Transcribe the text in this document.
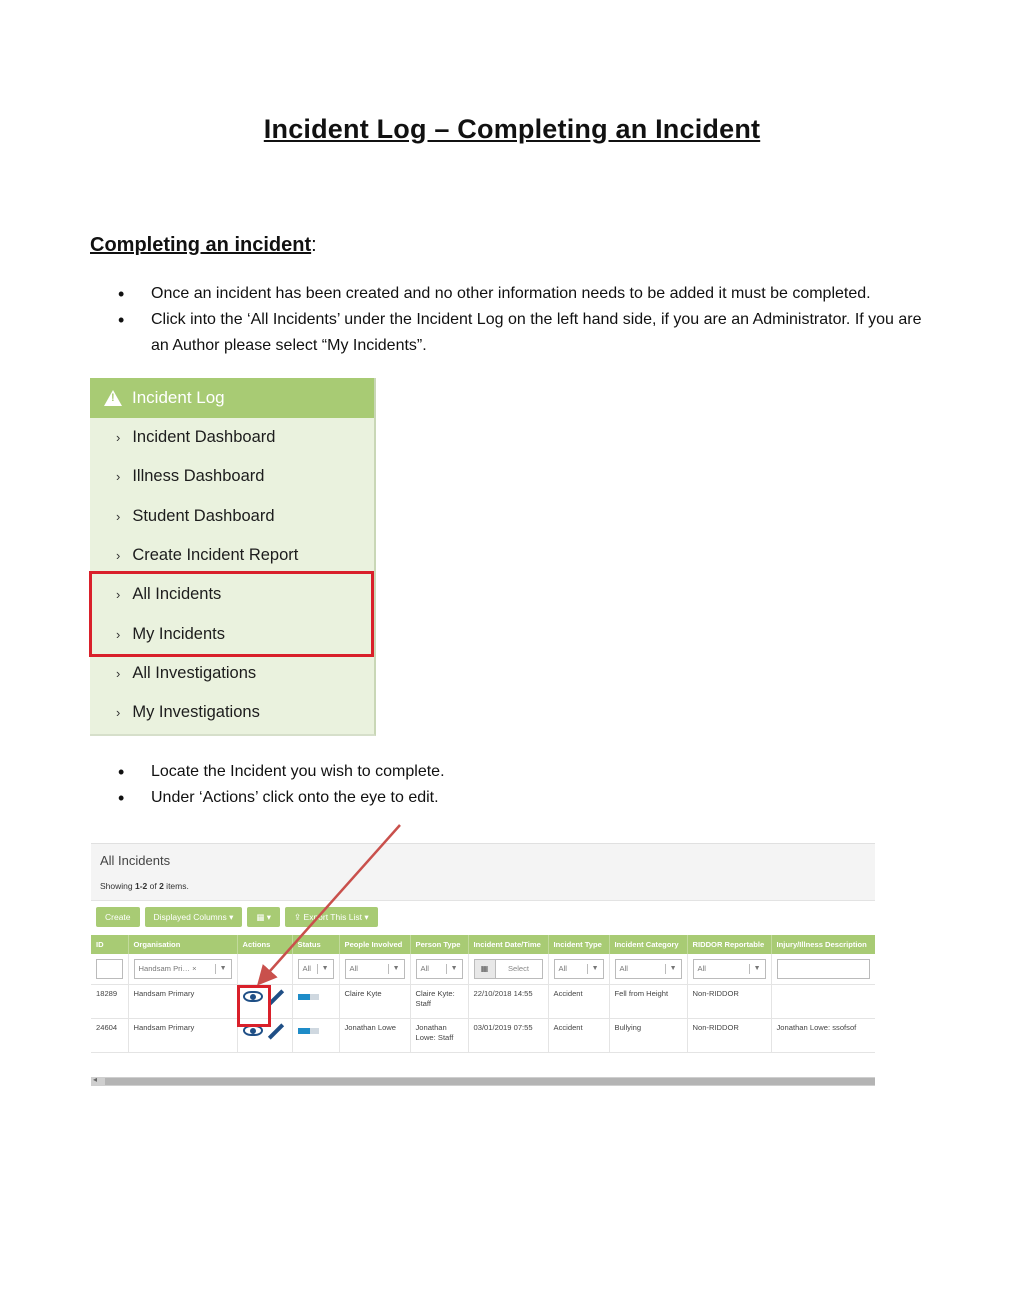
Incident Log – Completing an Incident
Completing an incident:
• Once an incident has been created and no other information needs to be added it must be completed.
• Click into the ‘All Incidents’ under the Incident Log on the left hand side, if you are an Administrator. If you are an Author please select “My Incidents”.
!
Incident Log
› Incident Dashboard
› Illness Dashboard
› Student Dashboard
› Create Incident Report
› All Incidents
› My Incidents
› All Investigations
› My Investigations
• Locate the Incident you wish to complete.
• Under ‘Actions’ click onto the eye to edit.
All Incidents
Showing 1-2 of 2 items.
Create	Displayed Columns ▾	▦ ▾	⇪ Export This List ▾
ID	Organisation	Actions	Status	People Involved	Person Type	Incident Date/Time	Incident Type	Incident Category	RIDDOR Reportable	Injury/Illness Description

	Handsam Pri… × ▼		All ▼	All ▼	All ▼	▦ Select	All ▼	All ▼	All ▼	

18289	Handsam Primary			Claire Kyte	Claire Kyte: Staff	22/10/2018 14:55	Accident	Fell from Height	Non-RIDDOR	
24604	Handsam Primary			Jonathan Lowe	Jonathan Lowe: Staff	03/01/2019 07:55	Accident	Bullying	Non-RIDDOR	Jonathan Lowe: ssofsof
◂
